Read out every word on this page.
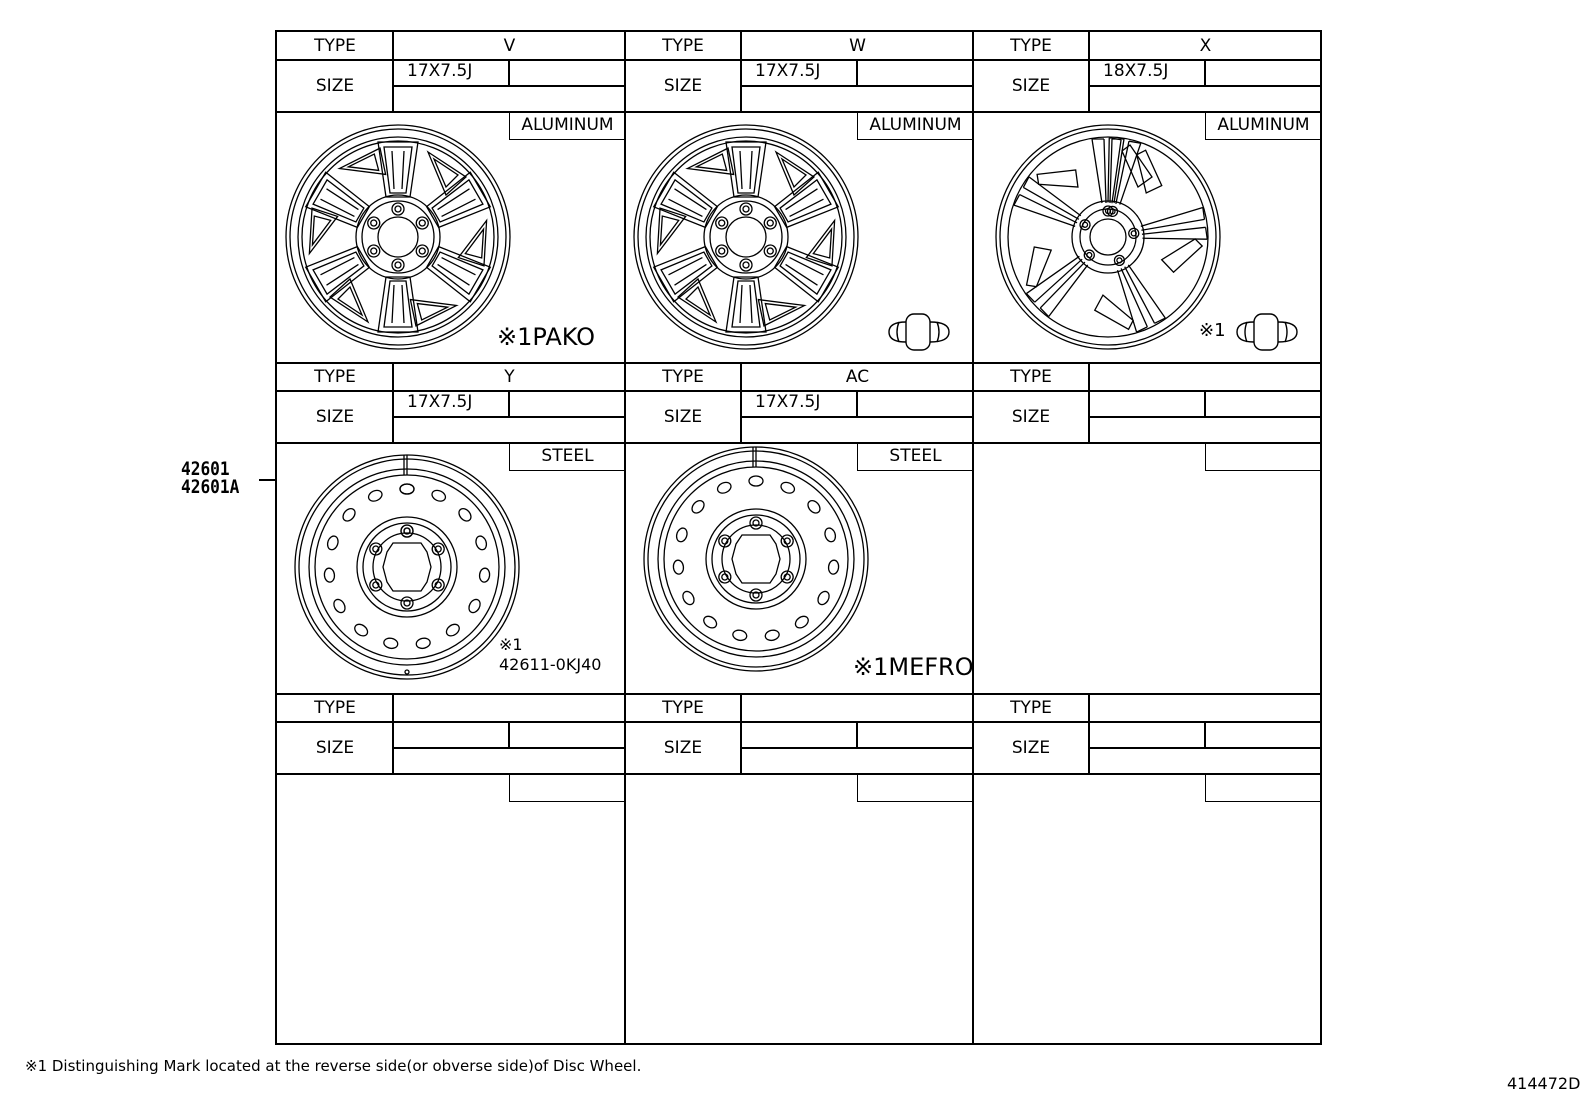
42601
42601A
TYPE
SIZE
V
17X7.5J
ALUMINUM
※1PAKO
TYPE
SIZE
W
17X7.5J
ALUMINUM
TYPE
SIZE
X
18X7.5J
ALUMINUM
※1
TYPE
SIZE
Y
17X7.5J
STEEL
※1
42611-0KJ40
TYPE
SIZE
AC
17X7.5J
STEEL
※1MEFRO
TYPE
SIZE
TYPE
SIZE
TYPE
SIZE
TYPE
SIZE
※1 Distinguishing Mark located at the reverse side(or obverse side)of Disc Wheel.
414472D
